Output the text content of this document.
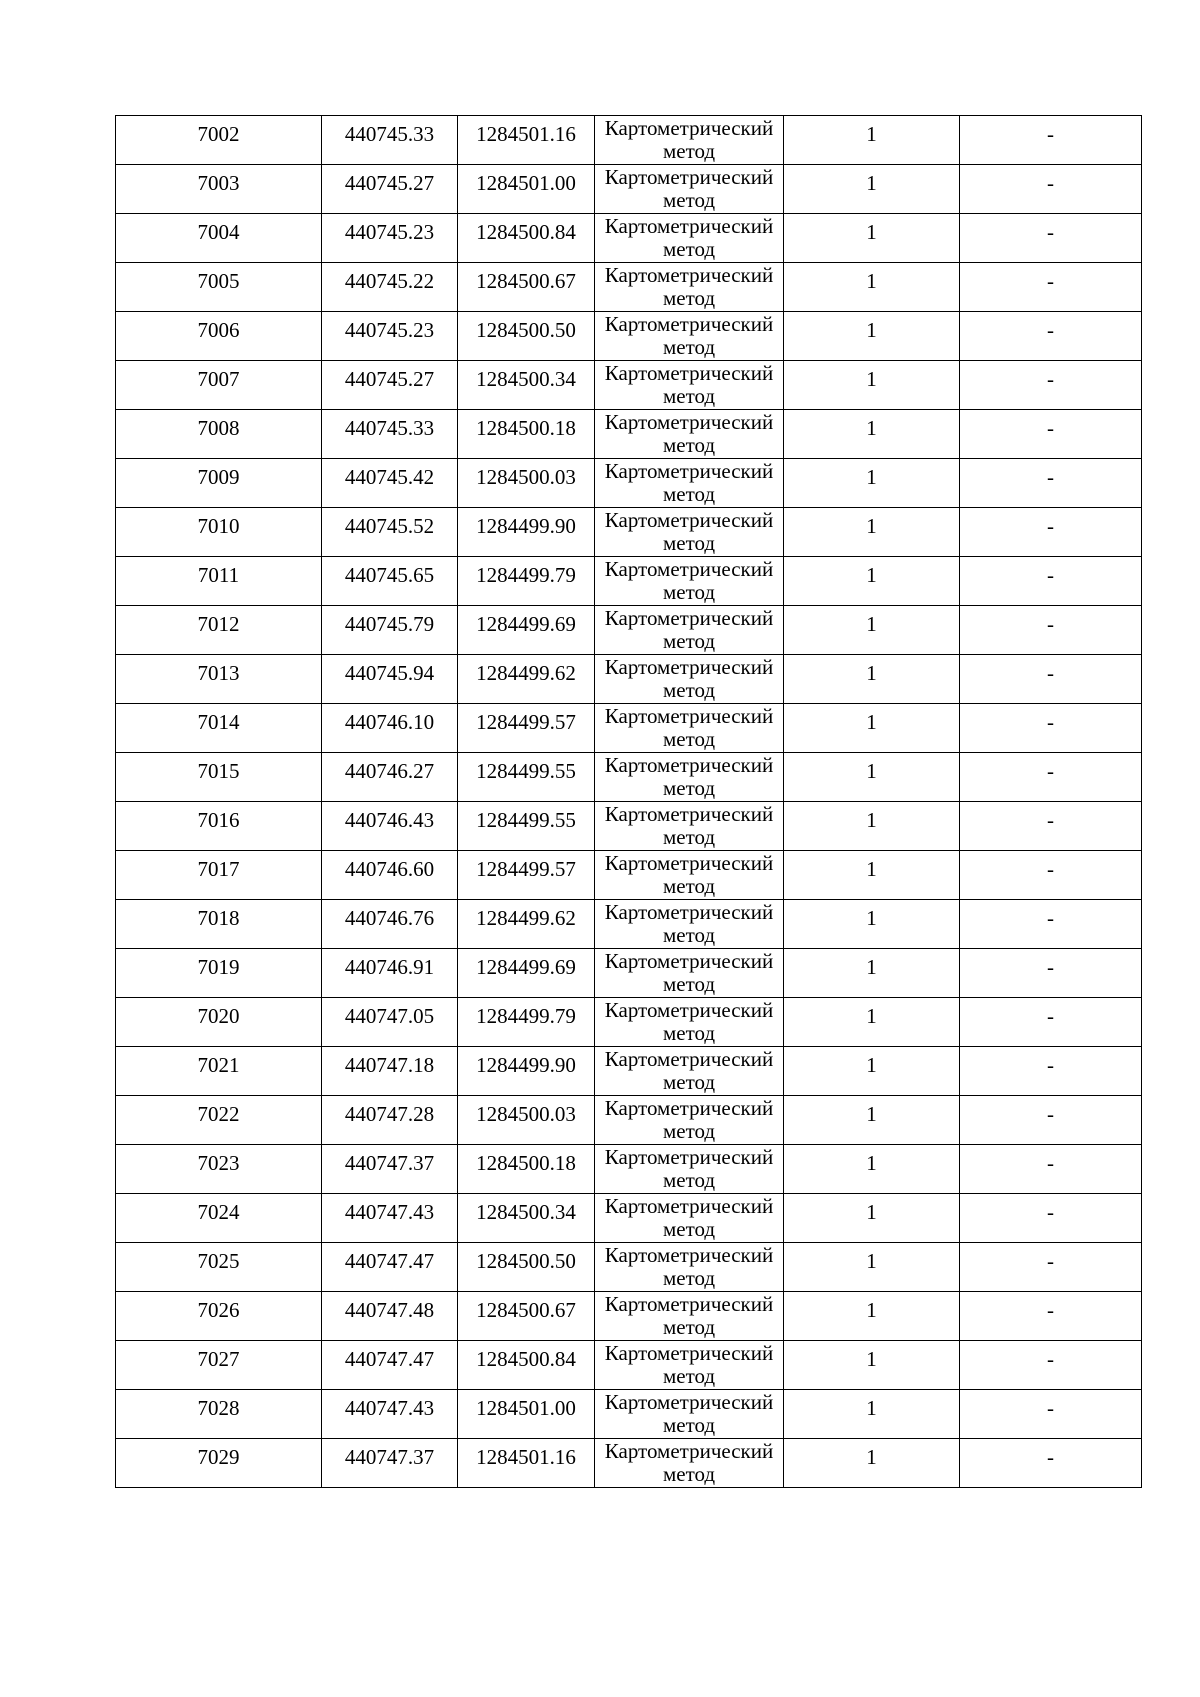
7002	440745.33	1284501.16	Картометрический
метод	1	-
7003	440745.27	1284501.00	Картометрический
метод	1	-
7004	440745.23	1284500.84	Картометрический
метод	1	-
7005	440745.22	1284500.67	Картометрический
метод	1	-
7006	440745.23	1284500.50	Картометрический
метод	1	-
7007	440745.27	1284500.34	Картометрический
метод	1	-
7008	440745.33	1284500.18	Картометрический
метод	1	-
7009	440745.42	1284500.03	Картометрический
метод	1	-
7010	440745.52	1284499.90	Картометрический
метод	1	-
7011	440745.65	1284499.79	Картометрический
метод	1	-
7012	440745.79	1284499.69	Картометрический
метод	1	-
7013	440745.94	1284499.62	Картометрический
метод	1	-
7014	440746.10	1284499.57	Картометрический
метод	1	-
7015	440746.27	1284499.55	Картометрический
метод	1	-
7016	440746.43	1284499.55	Картометрический
метод	1	-
7017	440746.60	1284499.57	Картометрический
метод	1	-
7018	440746.76	1284499.62	Картометрический
метод	1	-
7019	440746.91	1284499.69	Картометрический
метод	1	-
7020	440747.05	1284499.79	Картометрический
метод	1	-
7021	440747.18	1284499.90	Картометрический
метод	1	-
7022	440747.28	1284500.03	Картометрический
метод	1	-
7023	440747.37	1284500.18	Картометрический
метод	1	-
7024	440747.43	1284500.34	Картометрический
метод	1	-
7025	440747.47	1284500.50	Картометрический
метод	1	-
7026	440747.48	1284500.67	Картометрический
метод	1	-
7027	440747.47	1284500.84	Картометрический
метод	1	-
7028	440747.43	1284501.00	Картометрический
метод	1	-
7029	440747.37	1284501.16	Картометрический
метод	1	-
